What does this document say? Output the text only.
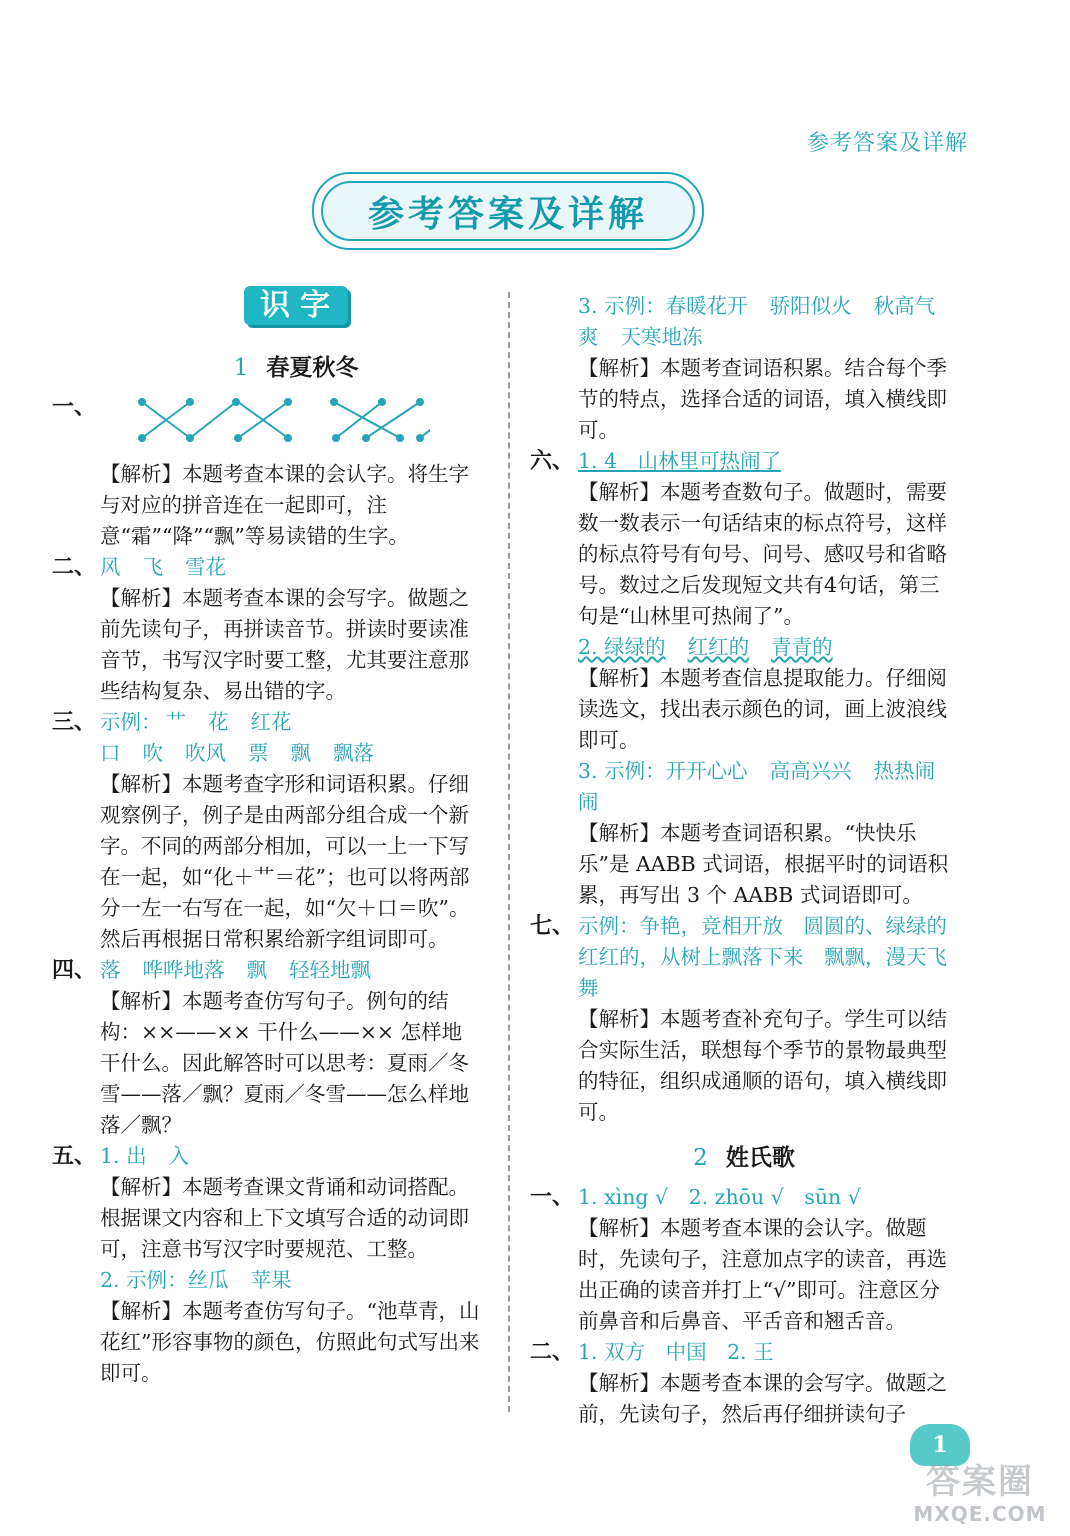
参考答案及详解
参考答案及详解
识字
1 春夏秋冬
一、
【解析】本题考查本课的会认字。将生字与对应的拼音连在一起即可，注意“霜”“降”“飘”等易读错的生字。
二、 风 飞 雪花
【解析】本题考查本课的会写字。做题之前先读句子，再拼读音节。拼读时要读准音节，书写汉字时要工整，尤其要注意那些结构复杂、易出错的字。
三、 示例： 艹 花 红花
口 吹 吹风 票 飘 飘落
【解析】本题考查字形和词语积累。仔细观察例子，例子是由两部分组合成一个新字。不同的两部分相加，可以一上一下写在一起，如“化＋艹＝花”；也可以将两部分一左一右写在一起，如“欠＋口＝吹”。然后再根据日常积累给新字组词即可。
四、 落 哗哗地落 飘 轻轻地飘
【解析】本题考查仿写句子。例句的结构：××——×× 干什么——×× 怎样地干什么。因此解答时可以思考：夏雨／冬雪——落／飘？夏雨／冬雪——怎么样地落／飘？
五、 1. 出 入
【解析】本题考查课文背诵和动词搭配。根据课文内容和上下文填写合适的动词即可，注意书写汉字时要规范、工整。
2. 示例：丝瓜 苹果
【解析】本题考查仿写句子。“池草青，山花红”形容事物的颜色，仿照此句式写出来即可。
3. 示例：春暖花开 骄阳似火 秋高气爽 天寒地冻
【解析】本题考查词语积累。结合每个季节的特点，选择合适的词语，填入横线即可。
六、 1. 4　山林里可热闹了
【解析】本题考查数句子。做题时，需要数一数表示一句话结束的标点符号，这样的标点符号有句号、问号、感叹号和省略号。数过之后发现短文共有4句话，第三句是“山林里可热闹了”。
2. 绿绿的 红红的 青青的
【解析】本题考查信息提取能力。仔细阅读选文，找出表示颜色的词，画上波浪线即可。
3. 示例：开开心心 高高兴兴 热热闹闹
【解析】本题考查词语积累。“快快乐乐”是 AABB 式词语，根据平时的词语积累，再写出 3 个 AABB 式词语即可。
七、 示例：争艳，竞相开放　圆圆的、绿绿的　红红的，从树上飘落下来　飘飘，漫天飞舞
【解析】本题考查补充句子。学生可以结合实际生活，联想每个季节的景物最典型的特征，组织成通顺的语句，填入横线即可。
2 姓氏歌
一、 1. xìng √　2. zhōu √　sūn √
【解析】本题考查本课的会认字。做题时，先读句子，注意加点字的读音，再选出正确的读音并打上“√”即可。注意区分前鼻音和后鼻音、平舌音和翘舌音。
二、 1. 双方　中国　2. 王
【解析】本题考查本课的会写字。做题之前，先读句子，然后再仔细拼读句子
1
答案圈
MXQE.COM
